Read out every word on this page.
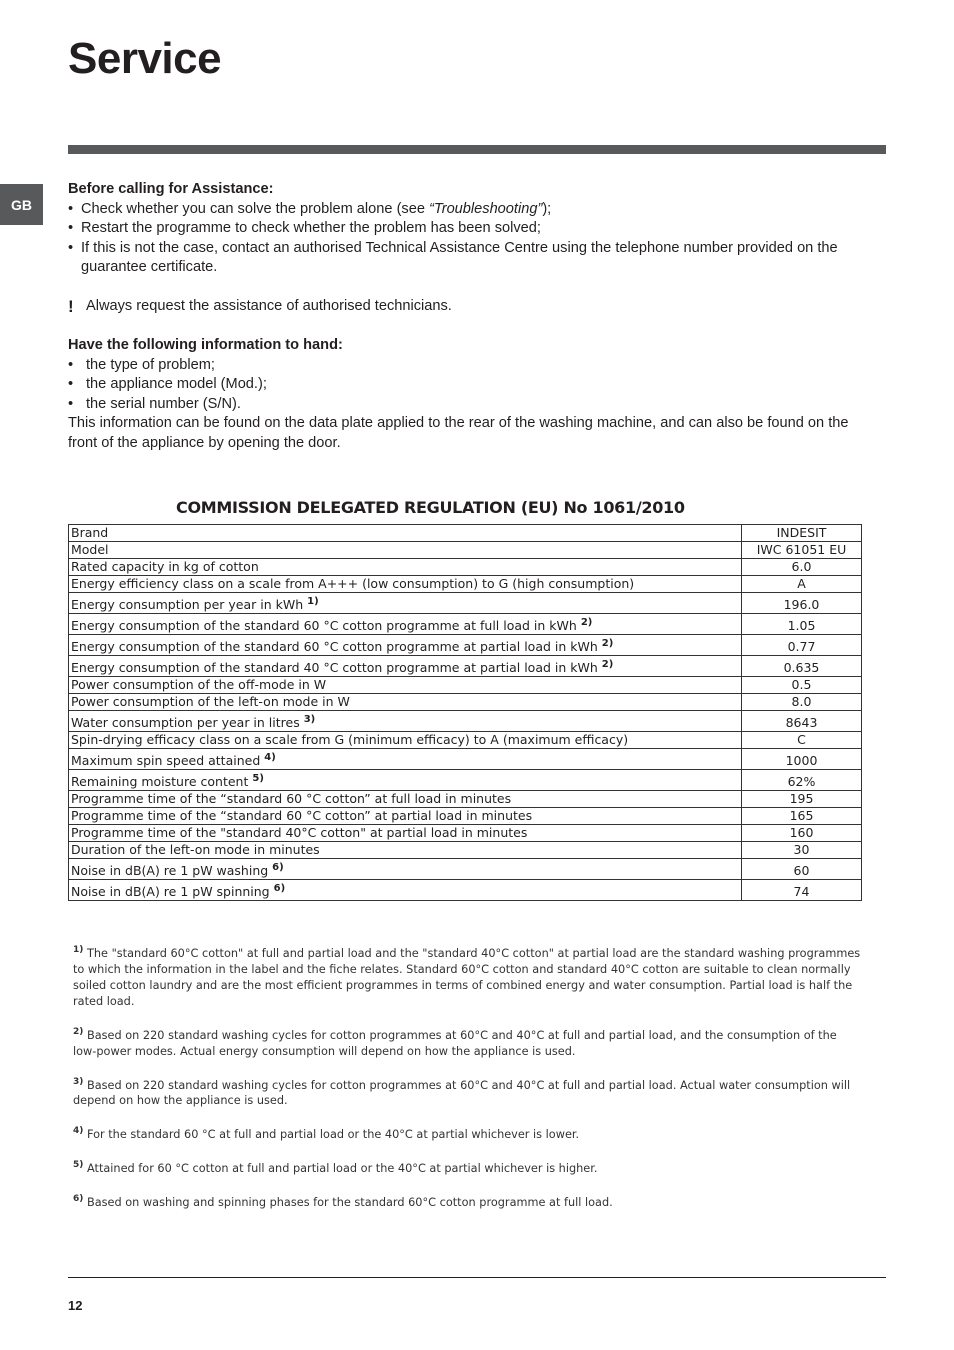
Service
GB

Before calling for Assistance:

• Check whether you can solve the problem alone (see “Troubleshooting”);
• Restart the programme to check whether the problem has been solved;
• If this is not the case, contact an authorised Technical Assistance Centre using the telephone number provided on the guarantee certificate.
! Always request the assistance of authorised technicians.

Have the following information to hand:

• the type of problem;
• the appliance model (Mod.);
• the serial number (S/N).

This information can be found on the data plate applied to the rear of the washing machine, and can also be found on the front of the appliance by opening the door.

COMMISSION DELEGATED REGULATION (EU) No 1061/2010
Brand	INDESIT
Model	IWC 61051 EU
Rated capacity in kg of cotton	6.0
Energy efficiency class on a scale from A+++ (low consumption) to G (high consumption)	A
Energy consumption per year in kWh $^{1)}$	196.0
Energy consumption of the standard 60 °C cotton programme at full load in kWh $^{2)}$	1.05
Energy consumption of the standard 60 °C cotton programme at partial load in kWh $^{2)}$	0.77
Energy consumption of the standard 40 °C cotton programme at partial load in kWh $^{2)}$	0.635
Power consumption of the off-mode in W	0.5
Power consumption of the left-on mode in W	8.0
Water consumption per year in litres $^{3)}$	8643
Spin-drying efficacy class on a scale from G (minimum efficacy) to A (maximum efficacy)	C
Maximum spin speed attained $^{4)}$	1000
Remaining moisture content $^{5)}$	62%
Programme time of the “standard 60 °C cotton” at full load in minutes	195
Programme time of the “standard 60 °C cotton” at partial load in minutes	165
Programme time of the "standard 40°C cotton" at partial load in minutes	160
Duration of the left-on mode in minutes	30
Noise in dB(A) re 1 pW washing $^{6)}$	60
Noise in dB(A) re 1 pW spinning $^{6)}$	74

$^{1)}$ The "standard 60°C cotton" at full and partial load and the "standard 40°C cotton" at partial load are the standard washing programmes to which the information in the label and the fiche relates. Standard 60°C cotton and standard 40°C cotton are suitable to clean normally soiled cotton laundry and are the most efficient programmes in terms of combined energy and water consumption. Partial load is half the rated load.

$^{2)}$ Based on 220 standard washing cycles for cotton programmes at 60°C and 40°C at full and partial load, and the consumption of the low-power modes. Actual energy consumption will depend on how the appliance is used.

$^{3)}$ Based on 220 standard washing cycles for cotton programmes at 60°C and 40°C at full and partial load. Actual water consumption will depend on how the appliance is used.

$^{4)}$ For the standard 60 °C at full and partial load or the 40°C at partial whichever is lower.

$^{5)}$ Attained for 60 °C cotton at full and partial load or the 40°C at partial whichever is higher.

$^{6)}$ Based on washing and spinning phases for the standard 60°C cotton programme at full load.

12
